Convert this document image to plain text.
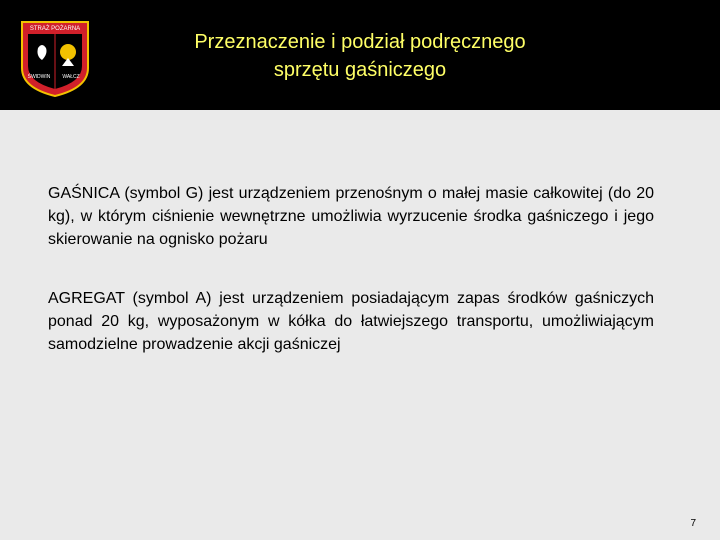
STRAŻ POŻARNA
ŚWIDWIN WAŁCZ
Przeznaczenie i podział podręcznego
sprzętu gaśniczego

GAŚNICA (symbol G) jest urządzeniem przenośnym o małej masie całkowitej (do 20 kg), w którym ciśnienie wewnętrzne umożliwia wyrzucenie środka gaśniczego i jego skierowanie na ognisko pożaru

AGREGAT (symbol A) jest urządzeniem posiadającym zapas środków gaśniczych ponad 20 kg, wyposażonym w kółka do łatwiejszego transportu, umożliwiającym samodzielne prowadzenie akcji gaśniczej

7
